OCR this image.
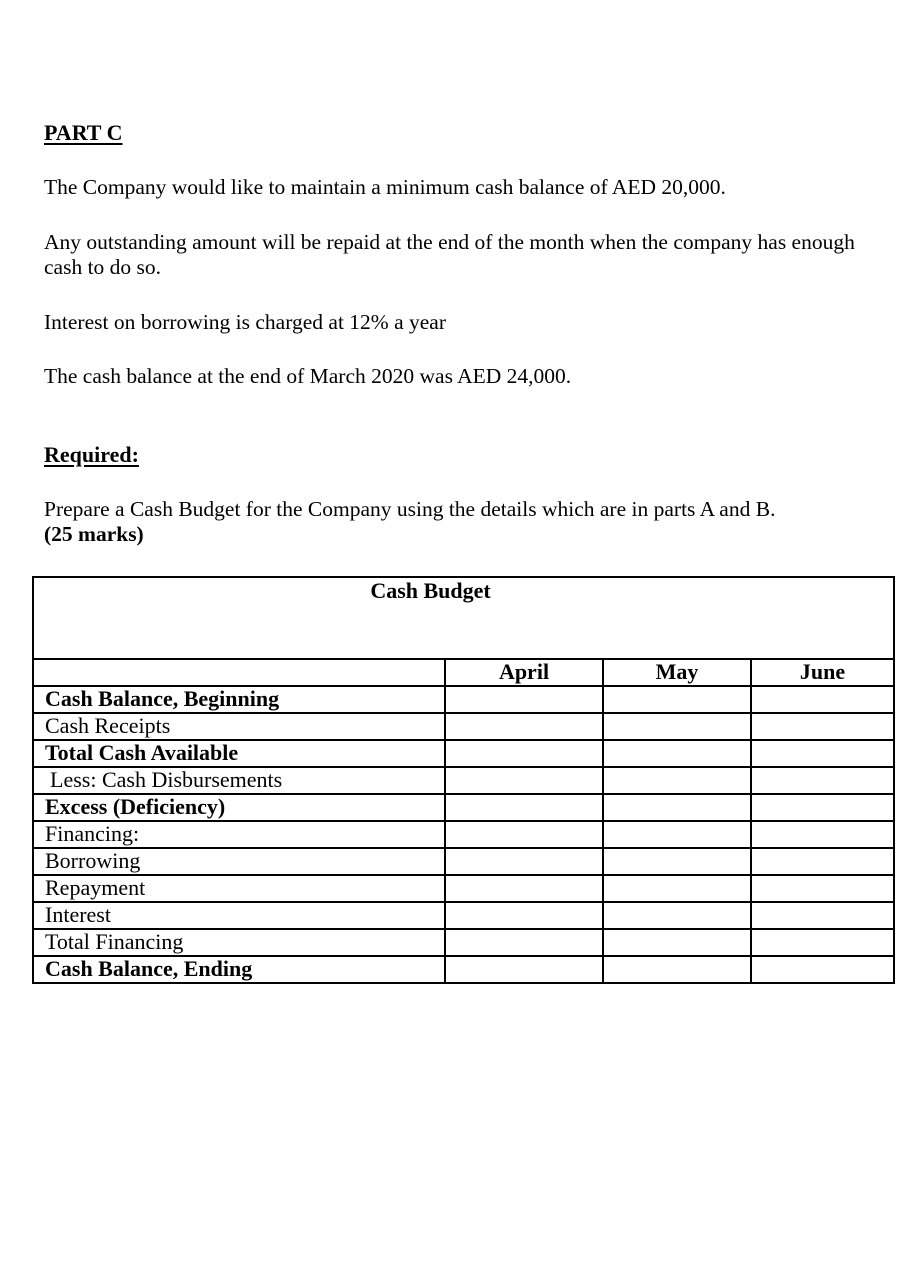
PART C
The Company would like to maintain a minimum cash balance of AED 20,000.
Any outstanding amount will be repaid at the end of the month when the company has enough cash to do so.
Interest on borrowing is charged at 12% a year
The cash balance at the end of March 2020 was AED 24,000.
Required:
Prepare a Cash Budget for the Company using the details which are in parts A and B.
(25 marks)
Cash Budget			
	April	May	June
Cash Balance, Beginning			
Cash Receipts			
Total Cash Available			
Less: Cash Disbursements			
Excess (Deficiency)			
Financing:			
Borrowing			
Repayment			
Interest			
Total Financing			
Cash Balance, Ending			
